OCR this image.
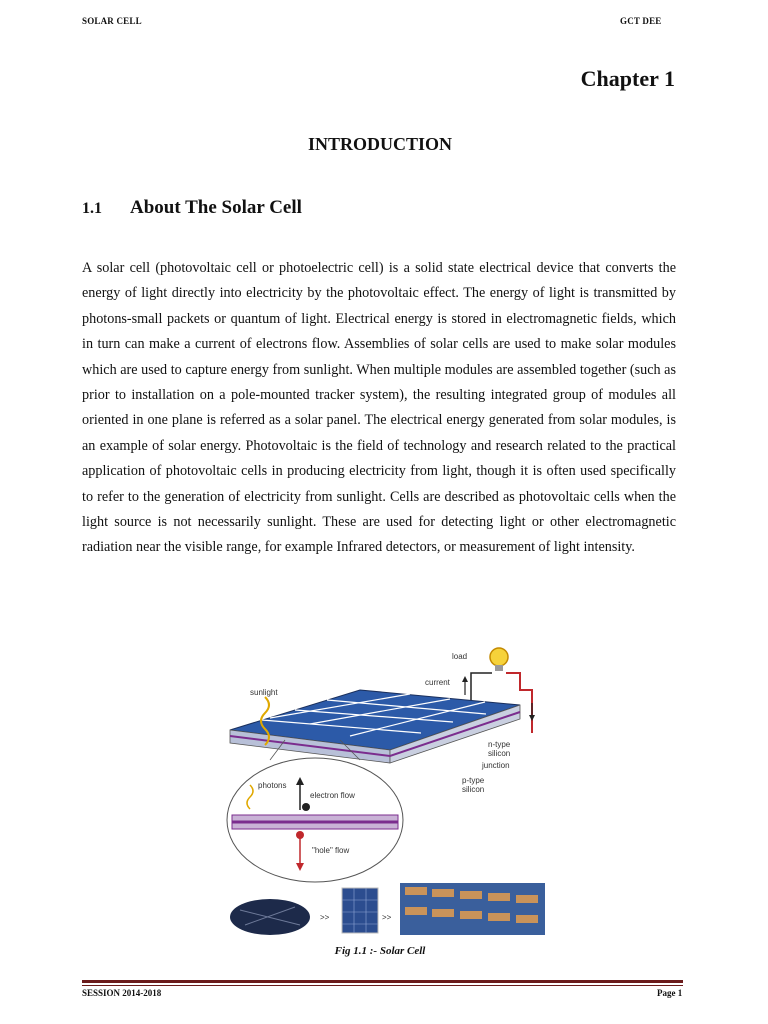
SOLAR CELL	GCT DEE
Chapter 1
INTRODUCTION
1.1 About The Solar Cell

A solar cell (photovoltaic cell or photoelectric cell) is a solid state electrical device that converts the energy of light directly into electricity by the photovoltaic effect. The energy of light is transmitted by photons-small packets or quantum of light. Electrical energy is stored in electromagnetic fields, which in turn can make a current of electrons flow. Assemblies of solar cells are used to make solar modules which are used to capture energy from sunlight. When multiple modules are assembled together (such as prior to installation on a pole-mounted tracker system), the resulting integrated group of modules all oriented in one plane is referred as a solar panel. The electrical energy generated from solar modules, is an example of solar energy. Photovoltaic is the field of technology and research related to the practical application of photovoltaic cells in producing electricity from light, though it is often used specifically to refer to the generation of electricity from sunlight. Cells are described as photovoltaic cells when the light source is not necessarily sunlight. These are used for detecting light or other electromagnetic radiation near the visible range, for example Infrared detectors, or measurement of light intensity.

load
current
sunlight
n-type
silicon
junction
p-type
silicon
photons
electron flow
"hole" flow
>>	>>
Fig 1.1 :- Solar Cell
SESSION 2014-2018	Page 1
